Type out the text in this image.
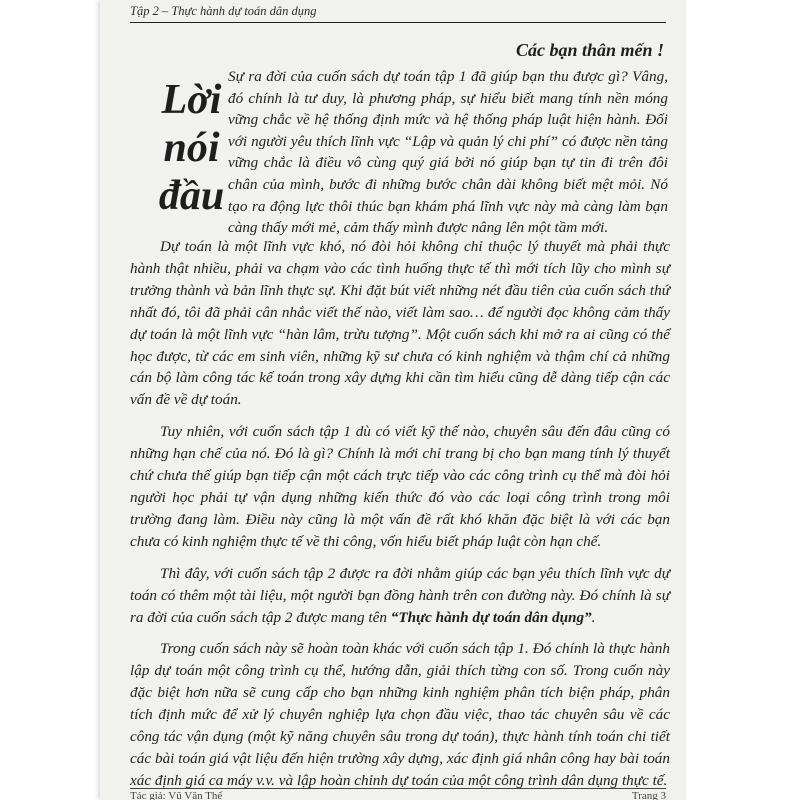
Tập 2 – Thực hành dự toán dân dụng
Các bạn thân mến !
Lời
nói
đầu
Sự ra đời của cuốn sách dự toán tập 1 đã giúp bạn thu được gì? Vâng, đó chính là tư duy, là phương pháp, sự hiểu biết mang tính nền móng vững chắc về hệ thống định mức và hệ thống pháp luật hiện hành. Đối với người yêu thích lĩnh vực “Lập và quản lý chi phí” có được nền tảng vững chắc là điều vô cùng quý giá bởi nó giúp bạn tự tin đi trên đôi chân của mình, bước đi những bước chân dài không biết mệt mỏi. Nó tạo ra động lực thôi thúc bạn khám phá lĩnh vực này mà càng làm bạn càng thấy mới mẻ, cảm thấy mình được nâng lên một tầm mới.

Dự toán là một lĩnh vực khó, nó đòi hỏi không chỉ thuộc lý thuyết mà phải thực hành thật nhiều, phải va chạm vào các tình huống thực tế thì mới tích lũy cho mình sự trưởng thành và bản lĩnh thực sự. Khi đặt bút viết những nét đầu tiên của cuốn sách thứ nhất đó, tôi đã phải cân nhắc viết thế nào, viết làm sao… để người đọc không cảm thấy dự toán là một lĩnh vực “hàn lâm, trừu tượng”. Một cuốn sách khi mở ra ai cũng có thể học được, từ các em sinh viên, những kỹ sư chưa có kinh nghiệm và thậm chí cả những cán bộ làm công tác kế toán trong xây dựng khi cần tìm hiểu cũng dễ dàng tiếp cận các vấn đề về dự toán.

Tuy nhiên, với cuốn sách tập 1 dù có viết kỹ thế nào, chuyên sâu đến đâu cũng có những hạn chế của nó. Đó là gì? Chính là mới chỉ trang bị cho bạn mang tính lý thuyết chứ chưa thể giúp bạn tiếp cận một cách trực tiếp vào các công trình cụ thể mà đòi hỏi người học phải tự vận dụng những kiến thức đó vào các loại công trình trong môi trường đang làm. Điều này cũng là một vấn đề rất khó khăn đặc biệt là với các bạn chưa có kinh nghiệm thực tế về thi công, vốn hiểu biết pháp luật còn hạn chế.

Thì đây, với cuốn sách tập 2 được ra đời nhằm giúp các bạn yêu thích lĩnh vực dự toán có thêm một tài liệu, một người bạn đồng hành trên con đường này. Đó chính là sự ra đời của cuốn sách tập 2 được mang tên “Thực hành dự toán dân dụng”.

Trong cuốn sách này sẽ hoàn toàn khác với cuốn sách tập 1. Đó chính là thực hành lập dự toán một công trình cụ thể, hướng dẫn, giải thích từng con số. Trong cuốn này đặc biệt hơn nữa sẽ cung cấp cho bạn những kinh nghiệm phân tích biện pháp, phân tích định mức để xử lý chuyên nghiệp lựa chọn đầu việc, thao tác chuyên sâu về các công tác vận dụng (một kỹ năng chuyên sâu trong dự toán), thực hành tính toán chi tiết các bài toán giá vật liệu đến hiện trường xây dựng, xác định giá nhân công hay bài toán xác định giá ca máy v.v. và lập hoàn chỉnh dự toán của một công trình dân dụng thực tế.

Tác giả: Vũ Văn Thế	Trang 3
